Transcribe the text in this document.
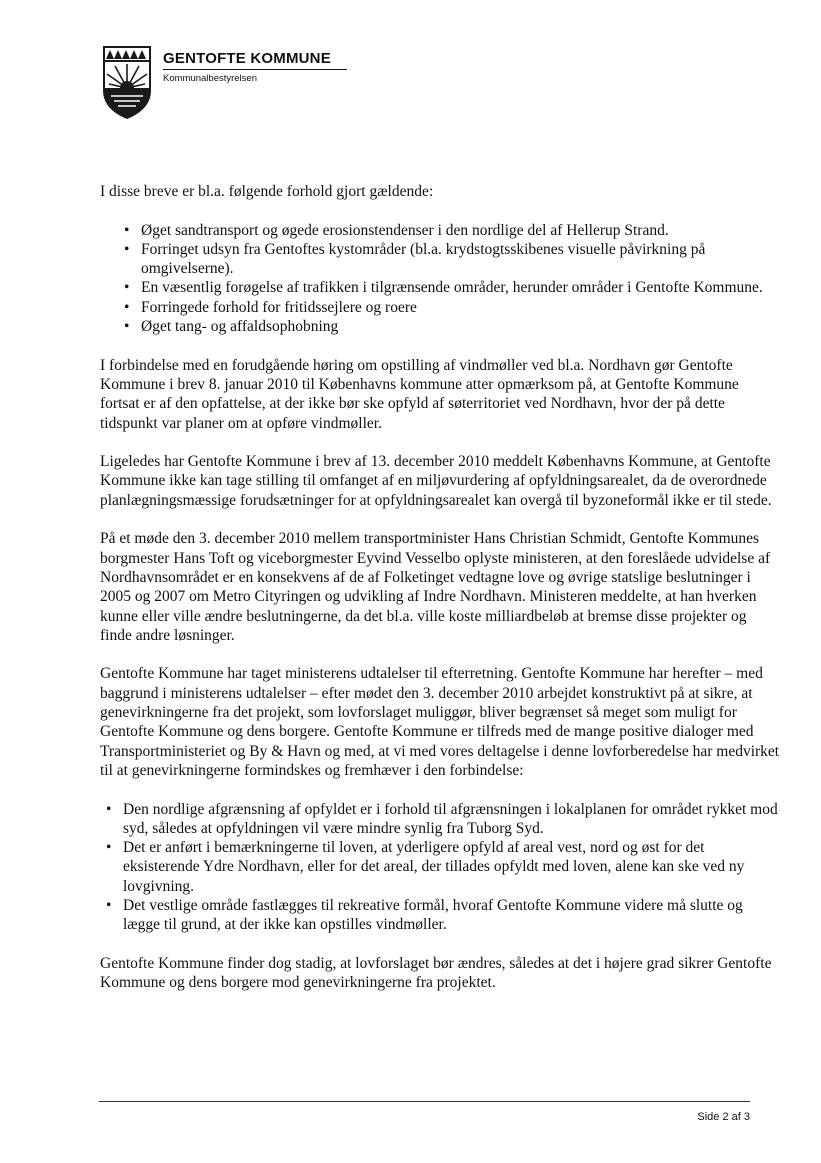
GENTOFTE KOMMUNE
Kommunalbestyrelsen

I disse breve er bl.a. følgende forhold gjort gældende:

• Øget sandtransport og øgede erosionstendenser i den nordlige del af Hellerup Strand.
• Forringet udsyn fra Gentoftes kystområder (bl.a. krydstogtsskibenes visuelle påvirkning på omgivelserne).
• En væsentlig forøgelse af trafikken i tilgrænsende områder, herunder områder i Gentofte Kommune.
• Forringede forhold for fritidssejlere og roere
• Øget tang- og affaldsophobning

I forbindelse med en forudgående høring om opstilling af vindmøller ved bl.a. Nordhavn gør Gentofte Kommune i brev 8. januar 2010 til Københavns kommune atter opmærksom på, at Gentofte Kommune fortsat er af den opfattelse, at der ikke bør ske opfyld af søterritoriet ved Nordhavn, hvor der på dette tidspunkt var planer om at opføre vindmøller.

Ligeledes har Gentofte Kommune i brev af 13. december 2010 meddelt Københavns Kommune, at Gentofte Kommune ikke kan tage stilling til omfanget af en miljøvurdering af opfyldningsarealet, da de overordnede planlægningsmæssige forudsætninger for at opfyldningsarealet kan overgå til byzoneformål ikke er til stede.

På et møde den 3. december 2010 mellem transportminister Hans Christian Schmidt, Gentofte Kommunes borgmester Hans Toft og viceborgmester Eyvind Vesselbo oplyste ministeren, at den foreslåede udvidelse af Nordhavnsområdet er en konsekvens af de af Folketinget vedtagne love og øvrige statslige beslutninger i 2005 og 2007 om Metro Cityringen og udvikling af Indre Nordhavn. Ministeren meddelte, at han hverken kunne eller ville ændre beslutningerne, da det bl.a. ville koste milliardbeløb at bremse disse projekter og finde andre løsninger.

Gentofte Kommune har taget ministerens udtalelser til efterretning. Gentofte Kommune har herefter – med baggrund i ministerens udtalelser – efter mødet den 3. december 2010 arbejdet konstruktivt på at sikre, at genevirkningerne fra det projekt, som lovforslaget muliggør, bliver begrænset så meget som muligt for Gentofte Kommune og dens borgere. Gentofte Kommune er tilfreds med de mange positive dialoger med Transportministeriet og By & Havn og med, at vi med vores deltagelse i denne lovforberedelse har medvirket til at genevirkningerne formindskes og fremhæver i den forbindelse:

• Den nordlige afgrænsning af opfyldet er i forhold til afgrænsningen i lokalplanen for området rykket mod syd, således at opfyldningen vil være mindre synlig fra Tuborg Syd.
• Det er anført i bemærkningerne til loven, at yderligere opfyld af areal vest, nord og øst for det eksisterende Ydre Nordhavn, eller for det areal, der tillades opfyldt med loven, alene kan ske ved ny lovgivning.
• Det vestlige område fastlægges til rekreative formål, hvoraf Gentofte Kommune videre må slutte og lægge til grund, at der ikke kan opstilles vindmøller.

Gentofte Kommune finder dog stadig, at lovforslaget bør ændres, således at det i højere grad sikrer Gentofte Kommune og dens borgere mod genevirkningerne fra projektet.

Side 2 af 3
